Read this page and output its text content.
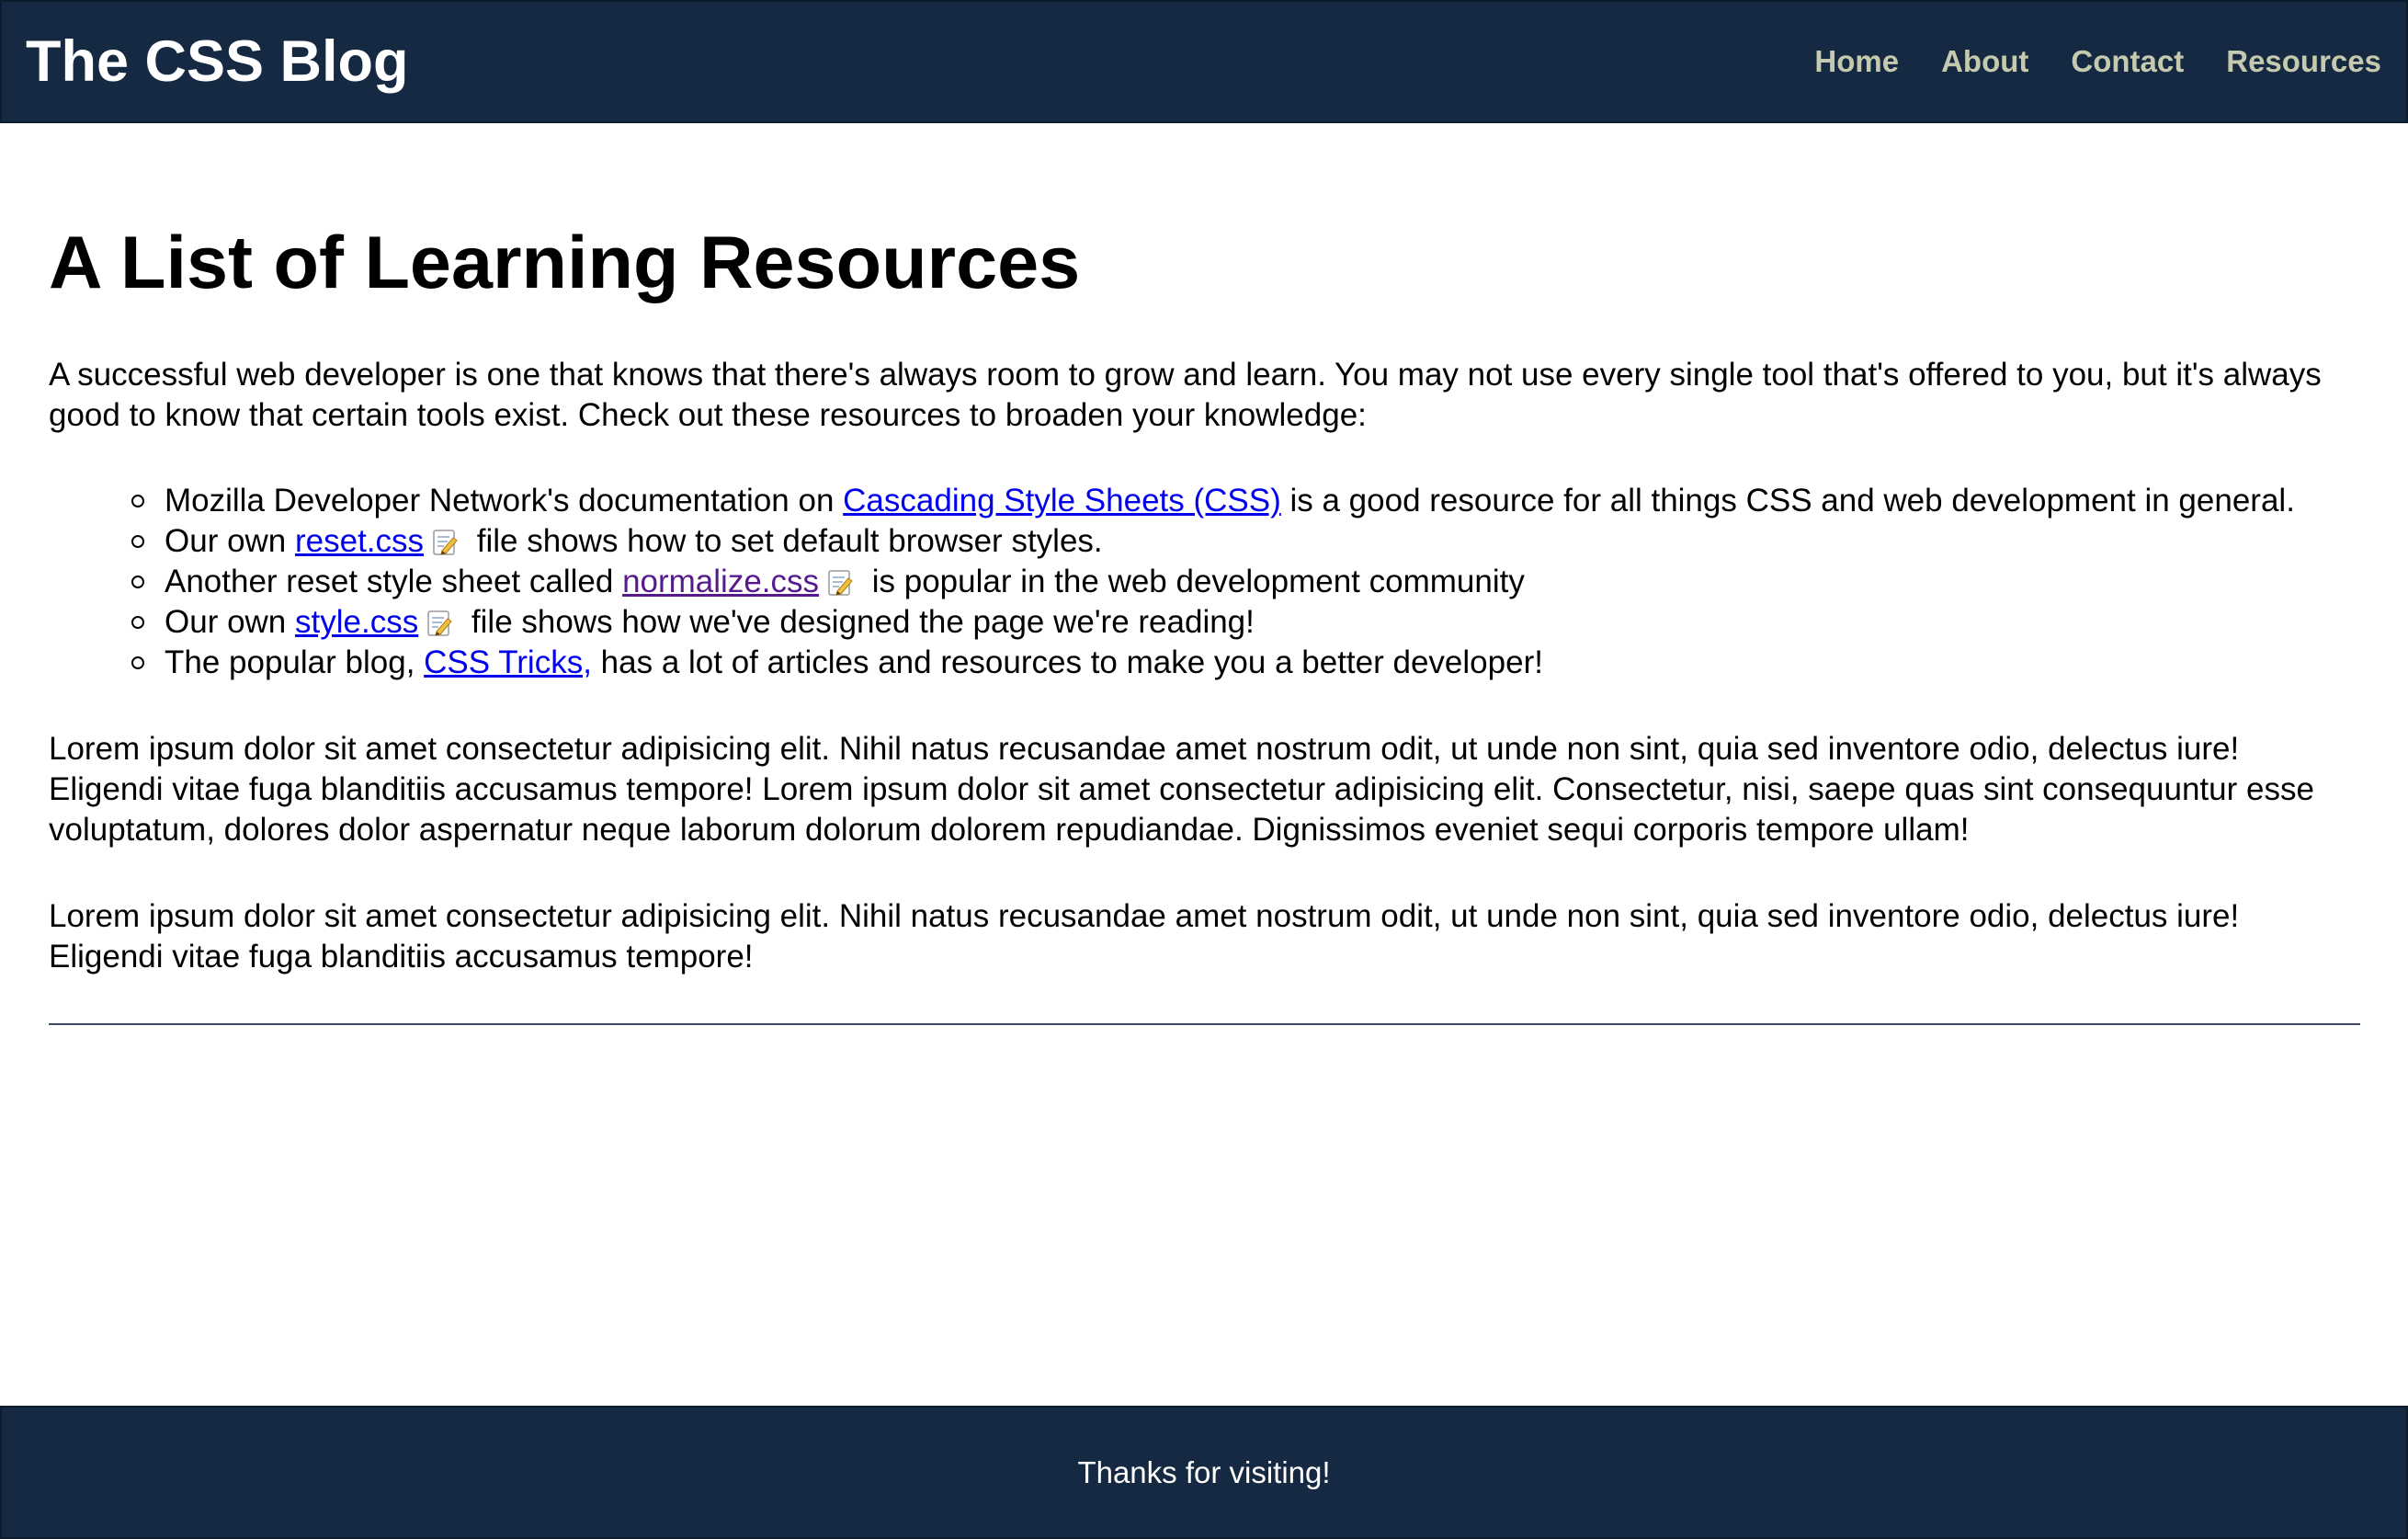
The CSS Blog	Home About Contact Resources
A List of Learning Resources

A successful web developer is one that knows that there's always room to grow and learn. You may not use every single tool that's offered to you, but it's always good to know that certain tools exist. Check out these resources to broaden your knowledge:

Mozilla Developer Network's documentation on Cascading Style Sheets (CSS) is a good resource for all things CSS and web development in general.
Our own reset.css file shows how to set default browser styles.
Another reset style sheet called normalize.css is popular in the web development community
Our own style.css file shows how we've designed the page we're reading!
The popular blog, CSS Tricks, has a lot of articles and resources to make you a better developer!

Lorem ipsum dolor sit amet consectetur adipisicing elit. Nihil natus recusandae amet nostrum odit, ut unde non sint, quia sed inventore odio, delectus iure! Eligendi vitae fuga blanditiis accusamus tempore! Lorem ipsum dolor sit amet consectetur adipisicing elit. Consectetur, nisi, saepe quas sint consequuntur esse voluptatum, dolores dolor aspernatur neque laborum dolorum dolorem repudiandae. Dignissimos eveniet sequi corporis tempore ullam!

Lorem ipsum dolor sit amet consectetur adipisicing elit. Nihil natus recusandae amet nostrum odit, ut unde non sint, quia sed inventore odio, delectus iure! Eligendi vitae fuga blanditiis accusamus tempore!

Thanks for visiting!
